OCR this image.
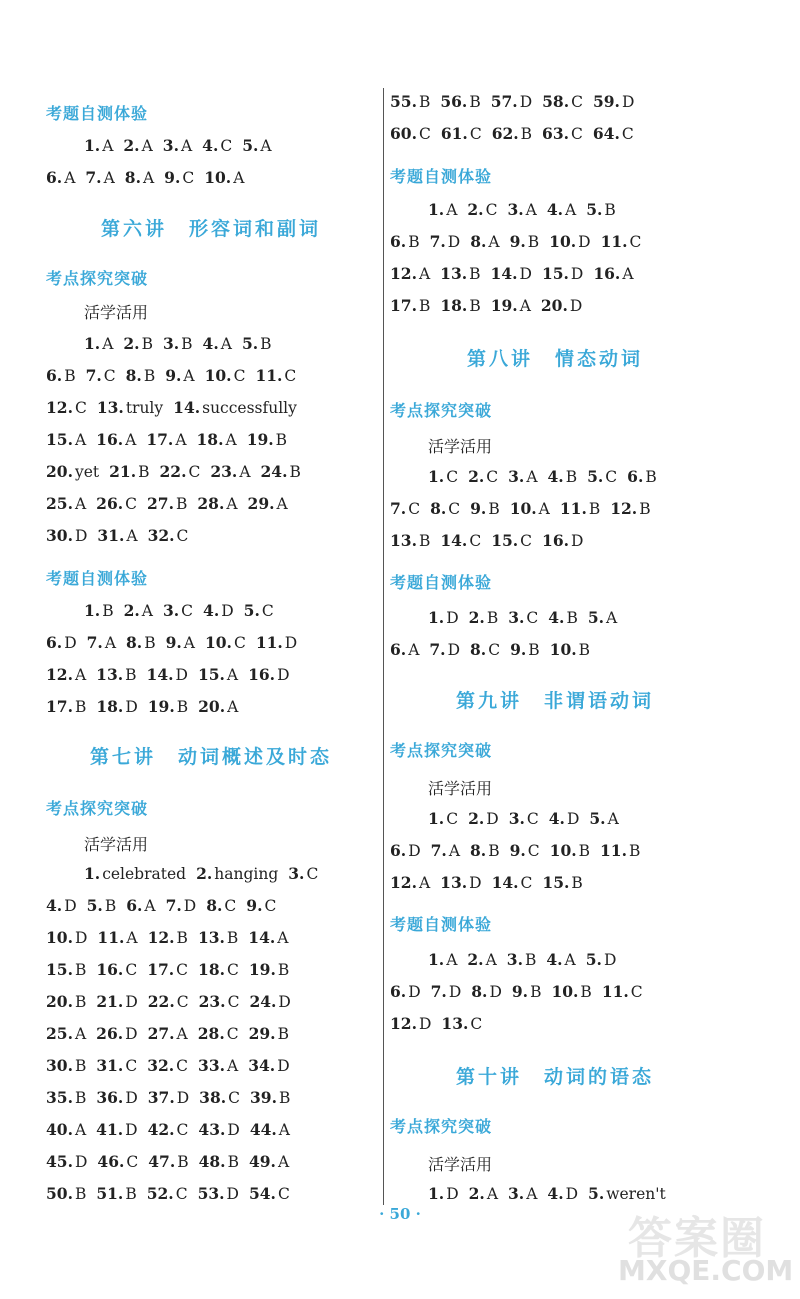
考题自测体验
1. A 2. A 3. A 4. C 5. A
6. A 7. A 8. A 9. C 10. A
第六讲　形容词和副词
考点探究突破
活学活用
1. A 2. B 3. B 4. A 5. B
6. B 7. C 8. B 9. A 10. C 11. C
12. C 13. truly 14. successfully
15. A 16. A 17. A 18. A 19. B
20. yet 21. B 22. C 23. A 24. B
25. A 26. C 27. B 28. A 29. A
30. D 31. A 32. C
考题自测体验
1. B 2. A 3. C 4. D 5. C
6. D 7. A 8. B 9. A 10. C 11. D
12. A 13. B 14. D 15. A 16. D
17. B 18. D 19. B 20. A
第七讲　动词概述及时态
考点探究突破
活学活用
1. celebrated 2. hanging 3. C
4. D 5. B 6. A 7. D 8. C 9. C
10. D 11. A 12. B 13. B 14. A
15. B 16. C 17. C 18. C 19. B
20. B 21. D 22. C 23. C 24. D
25. A 26. D 27. A 28. C 29. B
30. B 31. C 32. C 33. A 34. D
35. B 36. D 37. D 38. C 39. B
40. A 41. D 42. C 43. D 44. A
45. D 46. C 47. B 48. B 49. A
50. B 51. B 52. C 53. D 54. C
55. B 56. B 57. D 58. C 59. D
60. C 61. C 62. B 63. C 64. C
考题自测体验
1. A 2. C 3. A 4. A 5. B
6. B 7. D 8. A 9. B 10. D 11. C
12. A 13. B 14. D 15. D 16. A
17. B 18. B 19. A 20. D
第八讲　情态动词
考点探究突破
活学活用
1. C 2. C 3. A 4. B 5. C 6. B
7. C 8. C 9. B 10. A 11. B 12. B
13. B 14. C 15. C 16. D
考题自测体验
1. D 2. B 3. C 4. B 5. A
6. A 7. D 8. C 9. B 10. B
第九讲　非谓语动词
考点探究突破
活学活用
1. C 2. D 3. C 4. D 5. A
6. D 7. A 8. B 9. C 10. B 11. B
12. A 13. D 14. C 15. B
考题自测体验
1. A 2. A 3. B 4. A 5. D
6. D 7. D 8. D 9. B 10. B 11. C
12. D 13. C
第十讲　动词的语态
考点探究突破
活学活用
1. D 2. A 3. A 4. D 5. weren't
· 50 ·	答案圈
MXQE.COM
